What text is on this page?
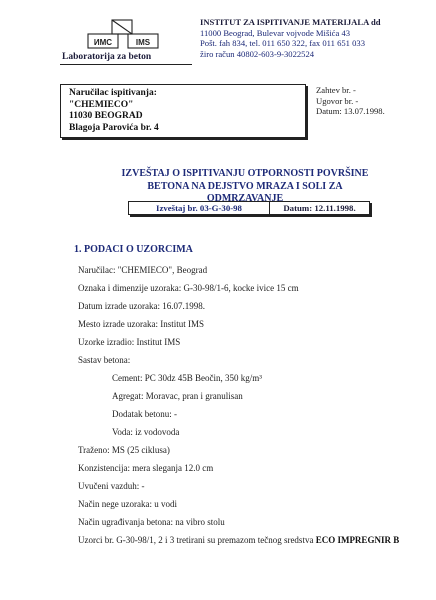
ИМС	IMS
Laboratorija za beton
INSTITUT ZA ISPITIVANJE MATERIJALA dd
11000 Beograd, Bulevar vojvode Mišića 43
Pošt. fah 834, tel. 011 650 322, fax 011 651 033
žiro račun 40802-603-9-3022524
Naručilac ispitivanja:
"CHEMIECO"
11030 BEOGRAD
Blagoja Parovića br. 4
Zahtev br. -
Ugovor br. -
Datum: 13.07.1998.
IZVEŠTAJ O ISPITIVANJU OTPORNOSTI POVRŠINE
BETONA NA DEJSTVO MRAZA I SOLI ZA ODMRZAVANJE
Izveštaj br. 03-G-30-98	Datum: 12.11.1998.
1. PODACI O UZORCIMA
Naručilac: "CHEMIECO", Beograd
Oznaka i dimenzije uzoraka: G-30-98/1-6, kocke ivice 15 cm
Datum izrade uzoraka: 16.07.1998.
Mesto izrade uzoraka: Institut IMS
Uzorke izradio: Institut IMS
Sastav betona:
Cement: PC 30dz 45B Beočin, 350 kg/m³
Agregat: Moravac, pran i granulisan
Dodatak betonu: -
Voda: iz vodovoda
Traženo: MS (25 ciklusa)
Konzistencija: mera sleganja 12.0 cm
Uvučeni vazduh: -
Način nege uzoraka: u vodi
Način ugrađivanja betona: na vibro stolu
Uzorci br. G-30-98/1, 2 i 3 tretirani su premazom tečnog sredstva ECO IMPREGNIR B
